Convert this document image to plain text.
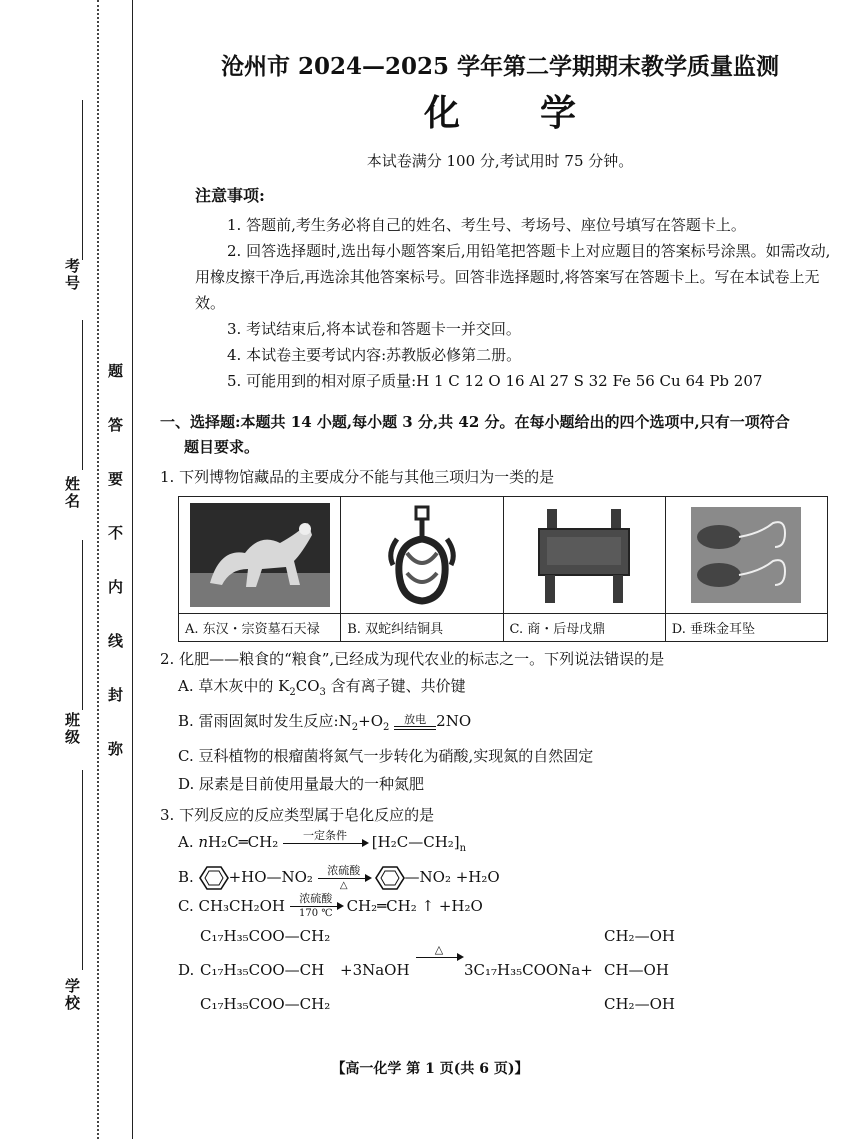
考号
姓名
班级
学校
题
答
要
不
内
线
封
弥
沧州市 2024—2025 学年第二学期期末教学质量监测
化学
本试卷满分 100 分,考试用时 75 分钟。
注意事项:

1. 答题前,考生务必将自己的姓名、考生号、考场号、座位号填写在答题卡上。

2. 回答选择题时,选出每小题答案后,用铅笔把答题卡上对应题目的答案标号涂黑。如需改动,用橡皮擦干净后,再选涂其他答案标号。回答非选择题时,将答案写在答题卡上。写在本试卷上无效。

3. 考试结束后,将本试卷和答题卡一并交回。

4. 本试卷主要考试内容:苏教版必修第二册。

5. 可能用到的相对原子质量:H 1 C 12 O 16 Al 27 S 32 Fe 56 Cu 64 Pb 207

一、选择题:本题共 14 小题,每小题 3 分,共 42 分。在每小题给出的四个选项中,只有一项符合
题目要求。
1. 下列博物馆藏品的主要成分不能与其他三项归为一类的是
A. 东汉・宗资墓石天禄	B. 双蛇纠结铜具	C. 商・后母戊鼎	D. 垂珠金耳坠
2. 化肥——粮食的“粮食”,已经成为现代农业的标志之一。下列说法错误的是
A. 草木灰中的 $K_2CO_3$ 含有离子键、共价键
B. 雷雨固氮时发生反应$:N_2+O_2$
放电 2NO
C. 豆科植物的根瘤菌将氮气一步转化为硝酸,实现氮的自然固定
D. 尿素是目前使用量最大的一种氮肥
3. 下列反应的反应类型属于皂化反应的是
A. nH₂C═CH₂	一定条件
	$[H_2C—CH_2]_n$
B. +HO—NO₂	浓硫酸
△	—NO₂ +H₂O
C. CH₃CH₂OH	浓硫酸
170 ℃ CH₂═CH₂ ↑ +H₂O
D.
C₁₇H₃₅COO—CH₂
C₁₇H₃₅COO—CH
C₁₇H₃₅COO—CH₂
+3NaOH
△

3C₁₇H₃₅COONa+
CH₂—OH
CH—OH
CH₂—OH
【高一化学 第 1 页(共 6 页)】
